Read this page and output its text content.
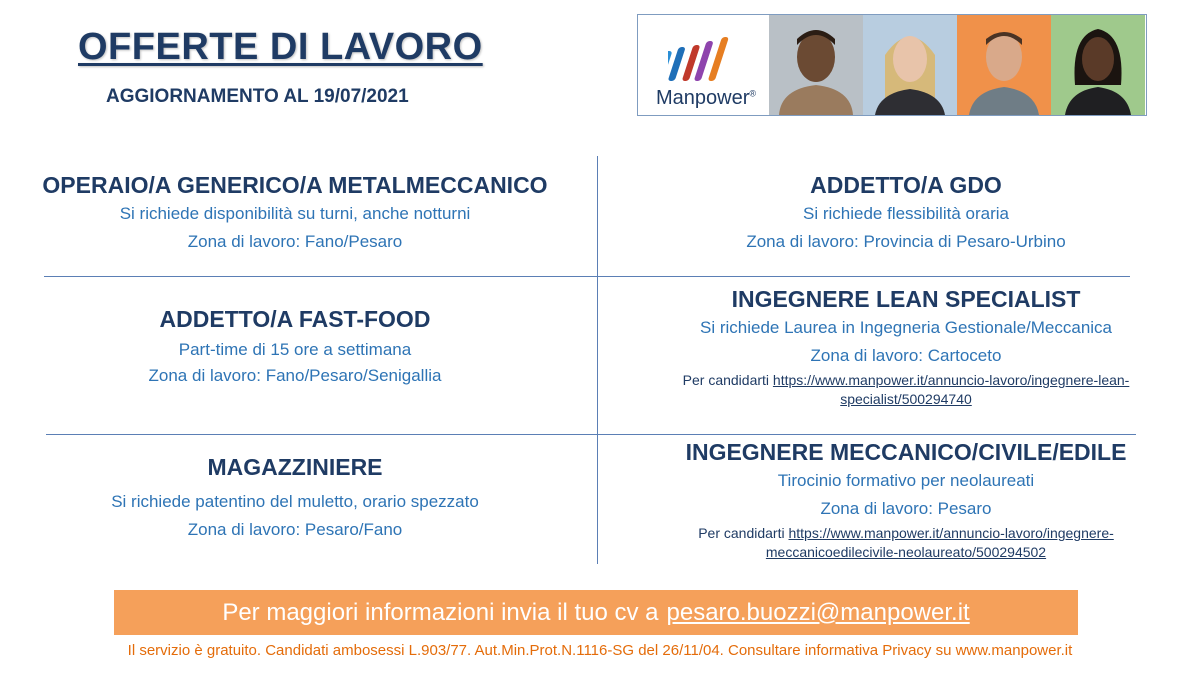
OFFERTE DI LAVORO
AGGIORNAMENTO AL 19/07/2021	Manpower®
OPERAIO/A GENERICO/A METALMECCANICO
Si richiede disponibilità su turni, anche notturni
Zona di lavoro: Fano/Pesaro
ADDETTO/A GDO
Si richiede flessibilità oraria
Zona di lavoro: Provincia di Pesaro-Urbino
ADDETTO/A FAST-FOOD
Part-time di 15 ore a settimana
Zona di lavoro: Fano/Pesaro/Senigallia
INGEGNERE LEAN SPECIALIST
Si richiede Laurea in Ingegneria Gestionale/Meccanica
Zona di lavoro: Cartoceto
Per candidarti https://www.manpower.it/annuncio-lavoro/ingegnere-lean-
specialist/500294740
MAGAZZINIERE
Si richiede patentino del muletto, orario spezzato
Zona di lavoro: Pesaro/Fano
INGEGNERE MECCANICO/CIVILE/EDILE
Tirocinio formativo per neolaureati
Zona di lavoro: Pesaro
Per candidarti https://www.manpower.it/annuncio-lavoro/ingegnere-
meccanicoedilecivile-neolaureato/500294502
Per maggiori informazioni invia il tuo cv a pesaro.buozzi@manpower.it
Il servizio è gratuito. Candidati ambosessi L.903/77. Aut.Min.Prot.N.1116-SG del 26/11/04. Consultare informativa Privacy su www.manpower.it
